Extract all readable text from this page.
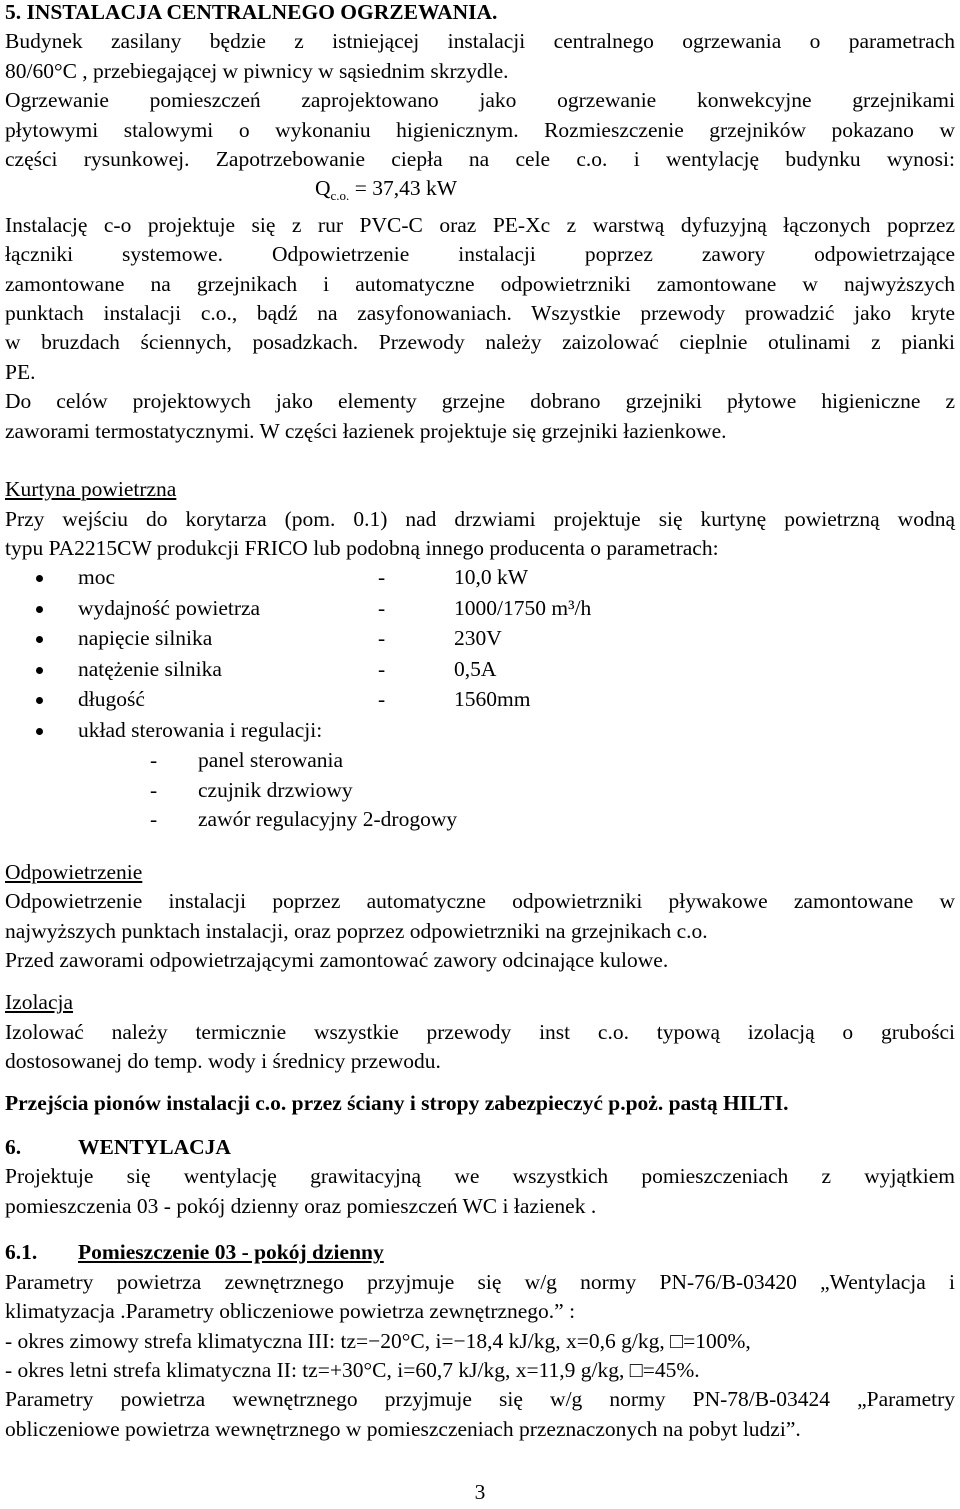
5. INSTALACJA CENTRALNEGO OGRZEWANIA.

Budynek zasilany będzie z istniejącej instalacji centralnego ogrzewania o parametrach

80/60°C , przebiegającej w piwnicy w sąsiednim skrzydle.

Ogrzewanie pomieszczeń zaprojektowano jako ogrzewanie konwekcyjne grzejnikami

płytowymi stalowymi o wykonaniu higienicznym. Rozmieszczenie grzejników pokazano w

części rysunkowej. Zapotrzebowanie ciepła na cele c.o. i wentylację budynku wynosi:

$Q_{c.o.} = 37,43$ kW

Instalację c-o projektuje się z rur PVC-C oraz PE-Xc z warstwą dyfuzyjną łączonych poprzez

łączniki systemowe. Odpowietrzenie instalacji poprzez zawory odpowietrzające

zamontowane na grzejnikach i automatyczne odpowietrzniki zamontowane w najwyższych

punktach instalacji c.o., bądź na zasyfonowaniach. Wszystkie przewody prowadzić jako kryte

w bruzdach ściennych, posadzkach. Przewody należy zaizolować cieplnie otulinami z pianki

PE.

Do celów projektowych jako elementy grzejne dobrano grzejniki płytowe higieniczne z

zaworami termostatycznymi. W części łazienek projektuje się grzejniki łazienkowe.

Kurtyna powietrzna

Przy wejściu do korytarza (pom. 0.1) nad drzwiami projektuje się kurtynę powietrzną wodną

typu PA2215CW produkcji FRICO lub podobną innego producenta o parametrach:

moc	-	10,0 kW
wydajność powietrza	-	1000/1750 m³/h
napięcie silnika	-	230V
natężenie silnika	-	0,5A
długość	-	1560mm
układ sterowania i regulacji:
- panel sterowania
- czujnik drzwiowy
- zawór regulacyjny 2-drogowy

Odpowietrzenie

Odpowietrzenie instalacji poprzez automatyczne odpowietrzniki pływakowe zamontowane w

najwyższych punktach instalacji, oraz poprzez odpowietrzniki na grzejnikach c.o.

Przed zaworami odpowietrzającymi zamontować zawory odcinające kulowe.

Izolacja

Izolować należy termicznie wszystkie przewody inst c.o. typową izolacją o grubości

dostosowanej do temp. wody i średnicy przewodu.

Przejścia pionów instalacji c.o. przez ściany i stropy zabezpieczyć p.poż. pastą HILTI.

6.	WENTYLACJA

Projektuje się wentylację grawitacyjną we wszystkich pomieszczeniach z wyjątkiem

pomieszczenia 03 - pokój dzienny oraz pomieszczeń WC i łazienek .

6.1. Pomieszczenie 03 - pokój dzienny

Parametry powietrza zewnętrznego przyjmuje się w/g normy PN-76/B-03420 „Wentylacja i

klimatyzacja .Parametry obliczeniowe powietrza zewnętrznego.” :

- okres zimowy strefa klimatyczna III: tz=−20°C, i=−18,4 kJ/kg, x=0,6 g/kg, □=100%,

- okres letni strefa klimatyczna II: tz=+30°C, i=60,7 kJ/kg, x=11,9 g/kg, □=45%.

Parametry powietrza wewnętrznego przyjmuje się w/g normy PN-78/B-03424 „Parametry

obliczeniowe powietrza wewnętrznego w pomieszczeniach przeznaczonych na pobyt ludzi”.

3
